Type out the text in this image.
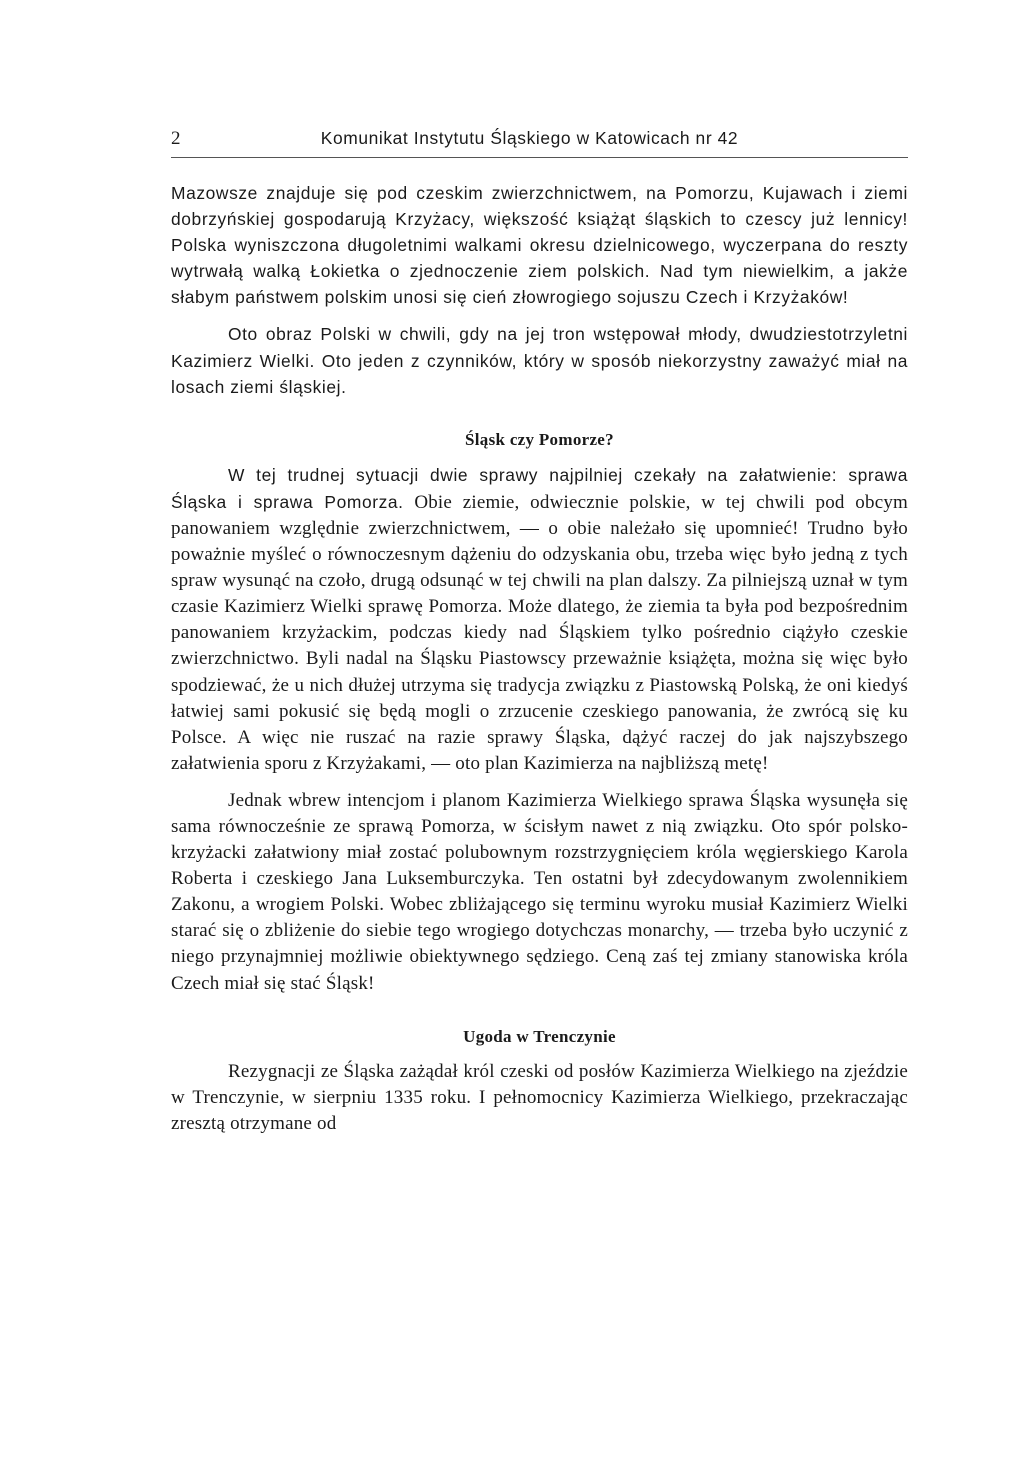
2	Komunikat Instytutu Śląskiego w Katowicach nr 42

Mazowsze znajduje się pod czeskim zwierzchnictwem, na Pomorzu, Kujawach i ziemi dobrzyńskiej gospodarują Krzyżacy, większość książąt śląskich to czescy już lennicy! Polska wyniszczona długoletnimi walkami okresu dzielnicowego, wyczerpana do reszty wytrwałą walką Łokietka o zjednoczenie ziem polskich. Nad tym niewielkim, a jakże słabym państwem polskim unosi się cień złowrogiego sojuszu Czech i Krzyżaków!

Oto obraz Polski w chwili, gdy na jej tron wstępował młody, dwudziestotrzyletni Kazimierz Wielki. Oto jeden z czynników, który w sposób niekorzystny zaważyć miał na losach ziemi śląskiej.

Śląsk czy Pomorze?

W tej trudnej sytuacji dwie sprawy najpilniej czekały na załatwienie: sprawa Śląska i sprawa Pomorza. Obie ziemie, odwiecznie polskie, w tej chwili pod obcym panowaniem względnie zwierzchnictwem, — o obie należało się upomnieć! Trudno było poważnie myśleć o równoczesnym dążeniu do odzyskania obu, trzeba więc było jedną z tych spraw wysunąć na czoło, drugą odsunąć w tej chwili na plan dalszy. Za pilniejszą uznał w tym czasie Kazimierz Wielki sprawę Pomorza. Może dlatego, że ziemia ta była pod bezpośrednim panowaniem krzyżackim, podczas kiedy nad Śląskiem tylko pośrednio ciążyło czeskie zwierzchnictwo. Byli nadal na Śląsku Piastowscy przeważnie książęta, można się więc było spodziewać, że u nich dłużej utrzyma się tradycja związku z Piastowską Polską, że oni kiedyś łatwiej sami pokusić się będą mogli o zrzucenie czeskiego panowania, że zwrócą się ku Polsce. A więc nie ruszać na razie sprawy Śląska, dążyć raczej do jak najszybszego załatwienia sporu z Krzyżakami, — oto plan Kazimierza na najbliższą metę!

Jednak wbrew intencjom i planom Kazimierza Wielkiego sprawa Śląska wysunęła się sama równocześnie ze sprawą Pomorza, w ścisłym nawet z nią związku. Oto spór polsko-krzyżacki załatwiony miał zostać polubownym rozstrzygnięciem króla węgierskiego Karola Roberta i czeskiego Jana Luksemburczyka. Ten ostatni był zdecydowanym zwolennikiem Zakonu, a wrogiem Polski. Wobec zbliżającego się terminu wyroku musiał Kazimierz Wielki starać się o zbliżenie do siebie tego wrogiego dotychczas monarchy, — trzeba było uczynić z niego przynajmniej możliwie obiektywnego sędziego. Ceną zaś tej zmiany stanowiska króla Czech miał się stać Śląsk!

Ugoda w Trenczynie

Rezygnacji ze Śląska zażądał król czeski od posłów Kazimierza Wielkiego na zjeździe w Trenczynie, w sierpniu 1335 roku. I pełnomocnicy Kazimierza Wielkiego, przekraczając zresztą otrzymane od
